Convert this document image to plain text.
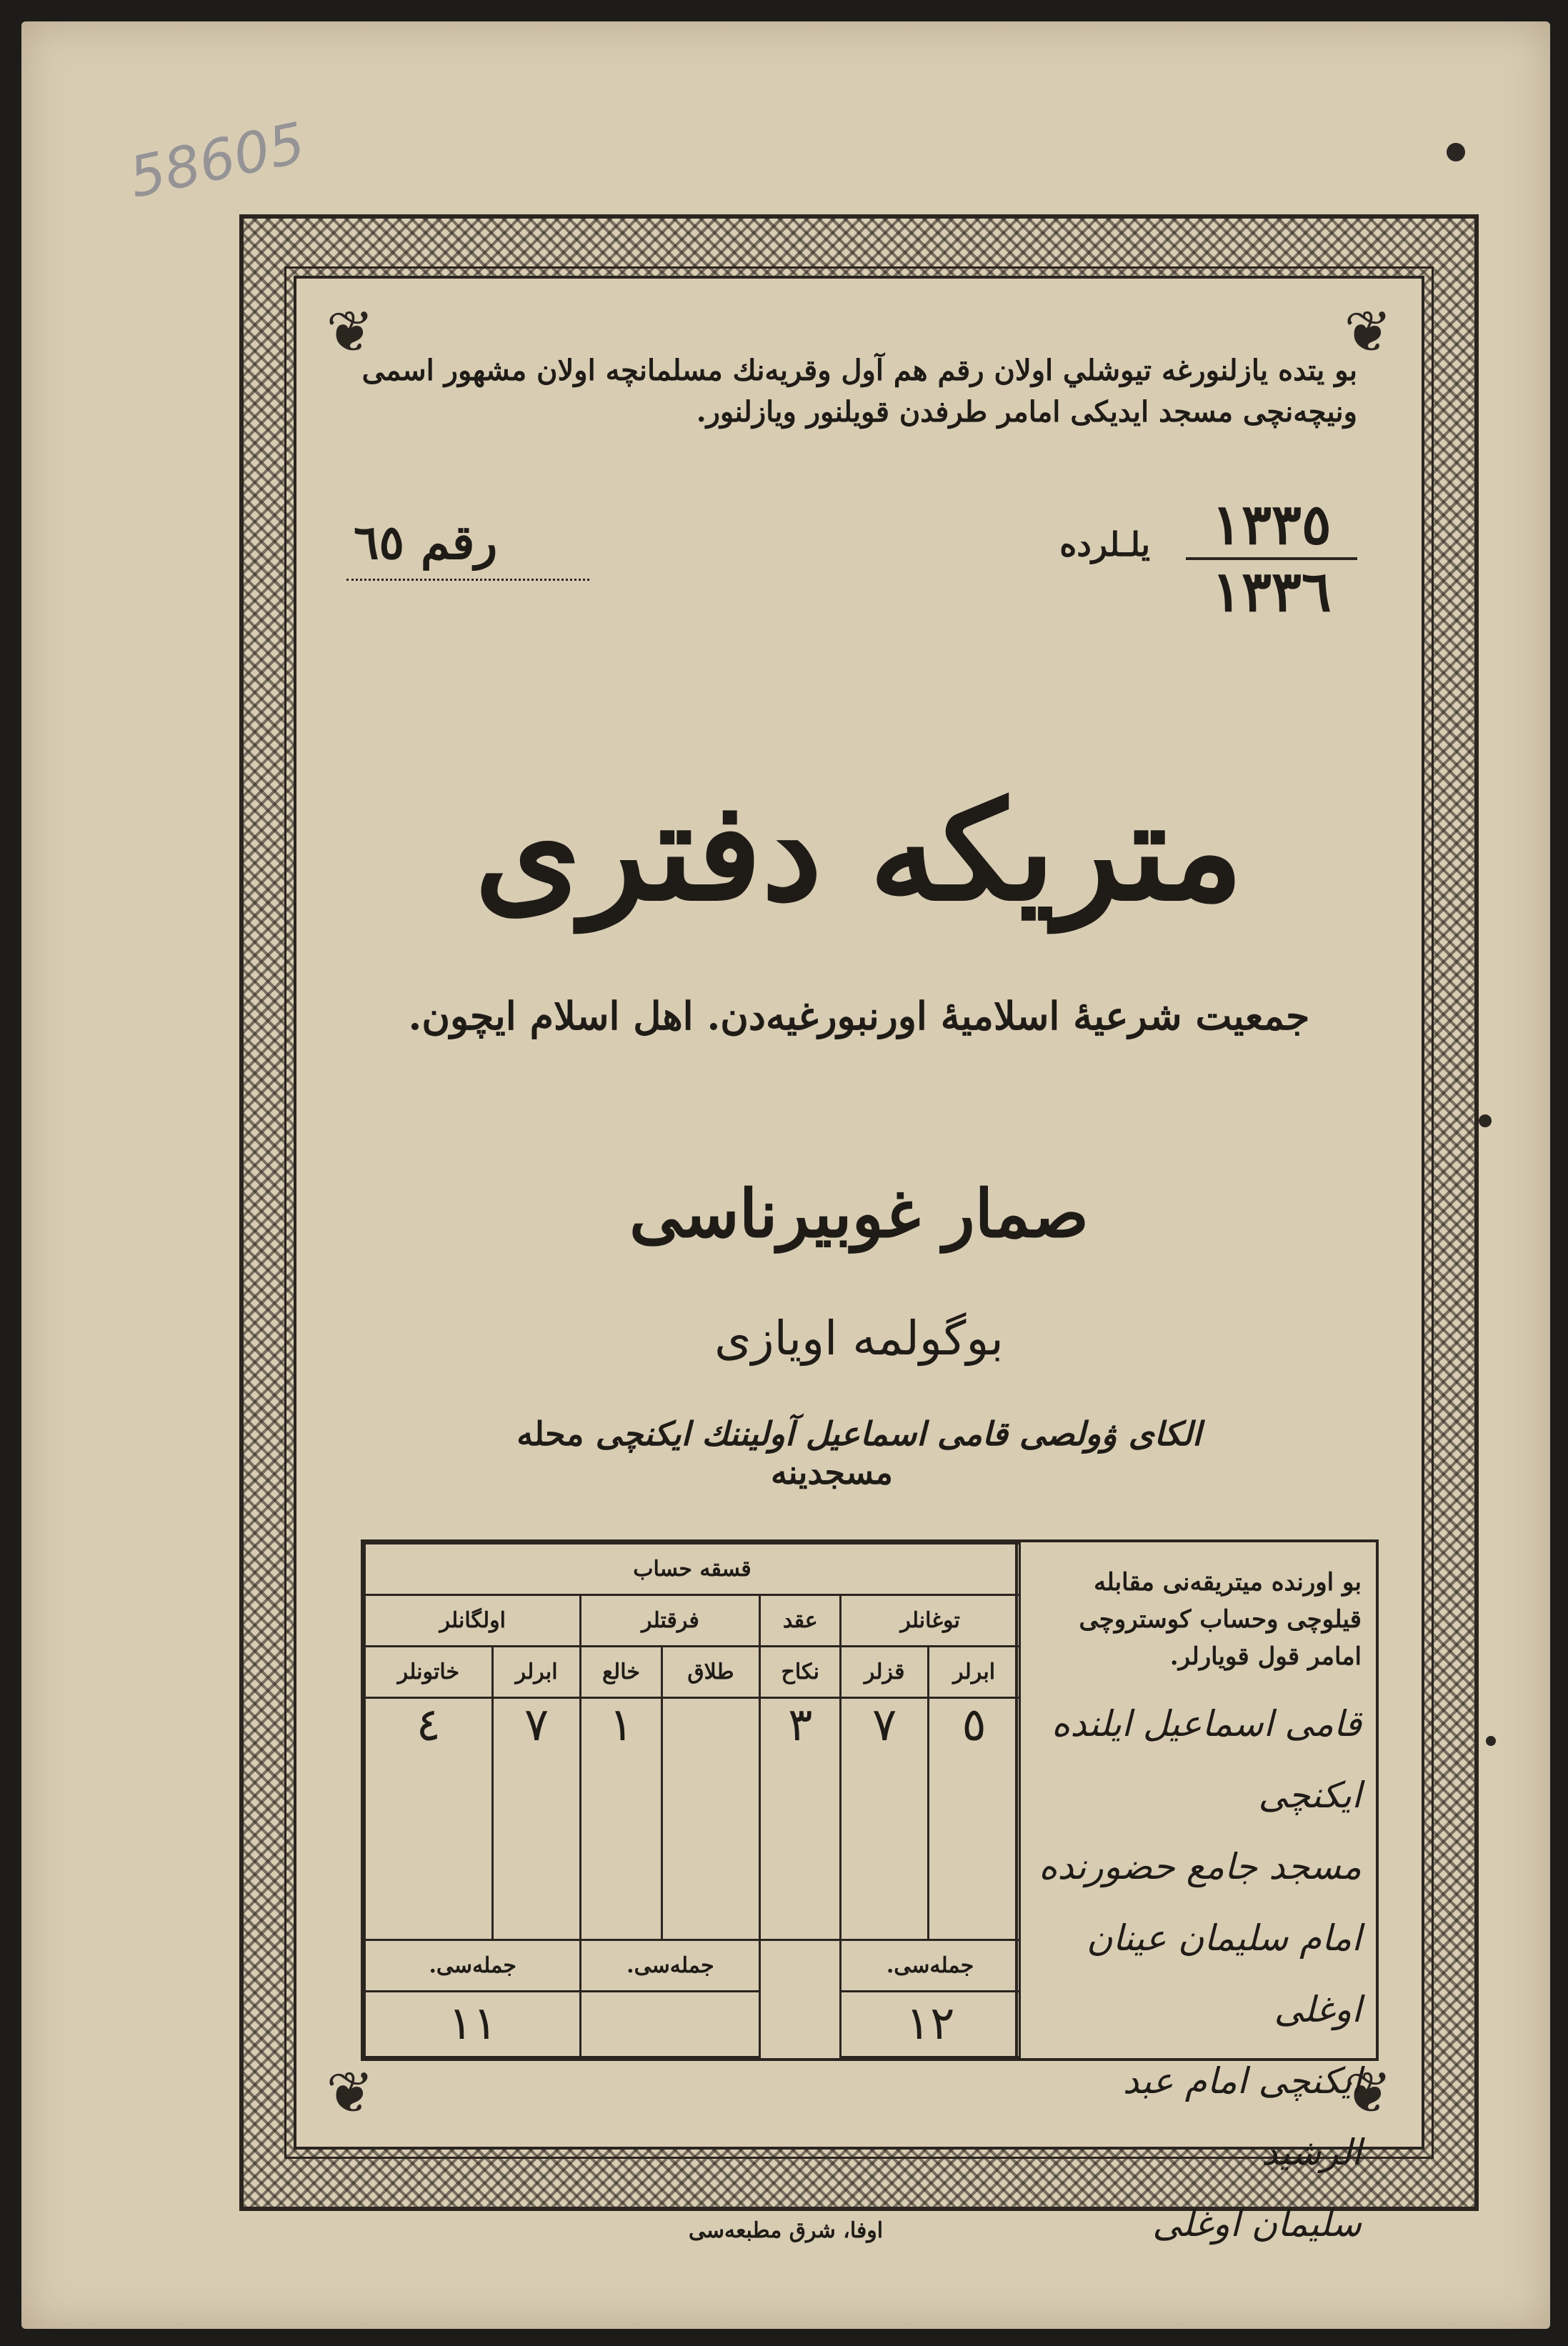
58605
❦	❦
❦	❦
بو يتده يازلنورغه تيوشلي اولان رقم هم آول وقريه‌نك مسلمانچه اولان مشهور اسمى
ونيچه‌نچى مسجد ايديكى امامر طرفدن قويلنور ويازلنور.
١٣٣٥
١٣٣٦
يلـلرده
رقم ٦٥
متريكه دفترى
جمعيت شرعيهٔ اسلاميهٔ اورنبورغيه‌دن. اهل اسلام ايچون.
صمار غوبيرناسى
بوگولمه اويازى
الكاى ۋولصى قامى اسماعيل آوليننك ايكنچى محله  مسجدينه
بو اورنده ميتريقه‌نى مقابله قيلوچى وحساب كوستروچى امامر قول قويارلر.
قامى اسماعيل ايلنده ايكنچى
مسجد جامع حضورنده
امام سليمان عينان اوغلى
ايكنچى امام عبد الرشيد
سليمان اوغلى
قسقه حساب						
توغانلر		عقد	فرقتلر		اولگانلر	
ابرلر	قزلر	نكاح	طلاق	خالع	ابرلر	خاتونلر
٥	٧	٣		١	٧	٤
جمله‌سى.			جمله‌سى.		جمله‌سى.	
١٢					١١	
اوفا، شرق مطبعه‌سى
